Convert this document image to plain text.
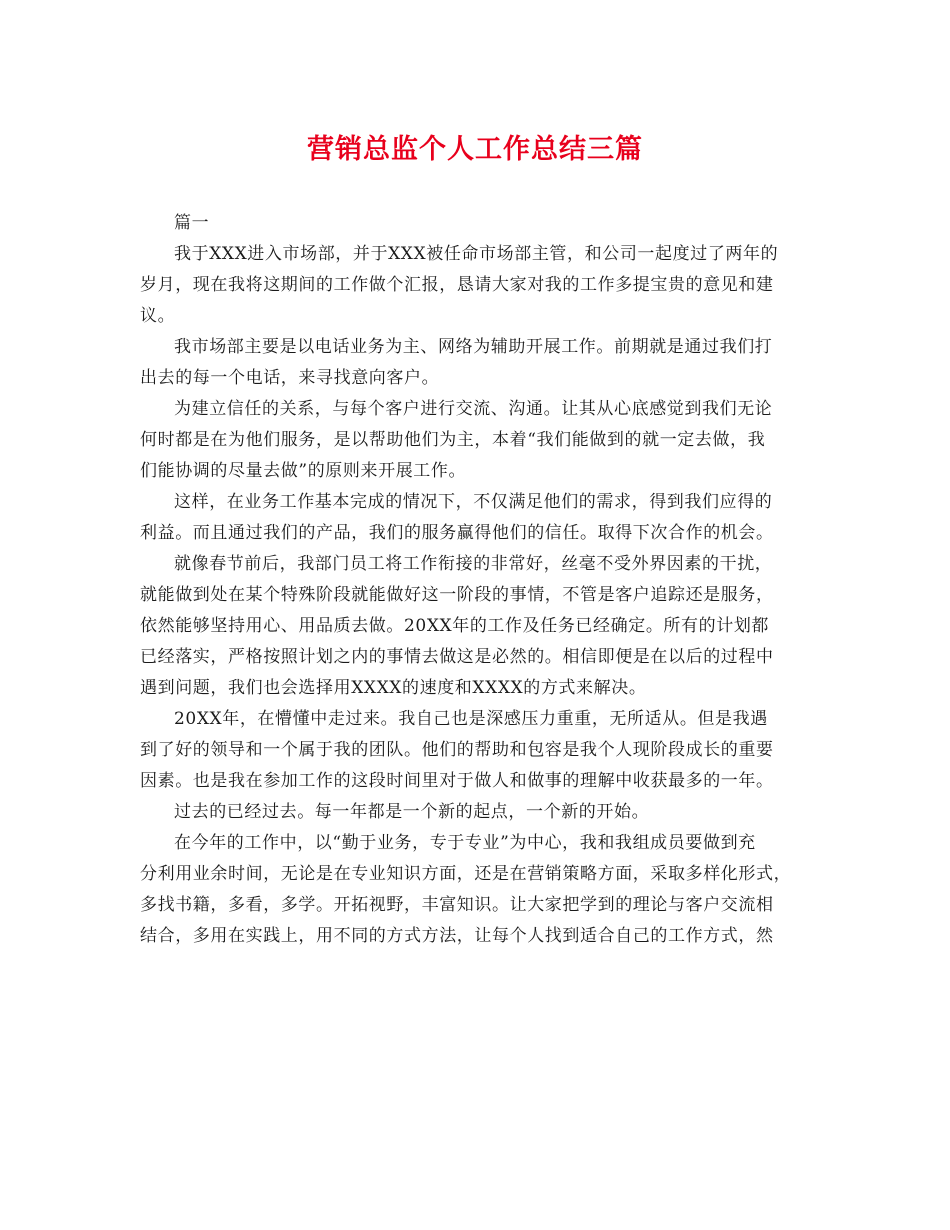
营销总监个人工作总结三篇
篇一
我于XXX进入市场部，并于XXX被任命市场部主管，和公司一起度过了两年的
岁月，现在我将这期间的工作做个汇报，恳请大家对我的工作多提宝贵的意见和建
议。
我市场部主要是以电话业务为主、网络为辅助开展工作。前期就是通过我们打
出去的每一个电话，来寻找意向客户。
为建立信任的关系，与每个客户进行交流、沟通。让其从心底感觉到我们无论
何时都是在为他们服务，是以帮助他们为主，本着“我们能做到的就一定去做，我
们能协调的尽量去做”的原则来开展工作。
这样，在业务工作基本完成的情况下，不仅满足他们的需求，得到我们应得的
利益。而且通过我们的产品，我们的服务赢得他们的信任。取得下次合作的机会。
就像春节前后，我部门员工将工作衔接的非常好，丝毫不受外界因素的干扰，
就能做到处在某个特殊阶段就能做好这一阶段的事情，不管是客户追踪还是服务，
依然能够坚持用心、用品质去做。20XX年的工作及任务已经确定。所有的计划都
已经落实，严格按照计划之内的事情去做这是必然的。相信即便是在以后的过程中
遇到问题，我们也会选择用XXXX的速度和XXXX的方式来解决。
20XX年，在懵懂中走过来。我自己也是深感压力重重，无所适从。但是我遇
到了好的领导和一个属于我的团队。他们的帮助和包容是我个人现阶段成长的重要
因素。也是我在参加工作的这段时间里对于做人和做事的理解中收获最多的一年。
过去的已经过去。每一年都是一个新的起点，一个新的开始。
在今年的工作中，以“勤于业务，专于专业”为中心，我和我组成员要做到充
分利用业余时间，无论是在专业知识方面，还是在营销策略方面，采取多样化形式，
多找书籍，多看，多学。开拓视野，丰富知识。让大家把学到的理论与客户交流相
结合，多用在实践上，用不同的方式方法，让每个人找到适合自己的工作方式，然
